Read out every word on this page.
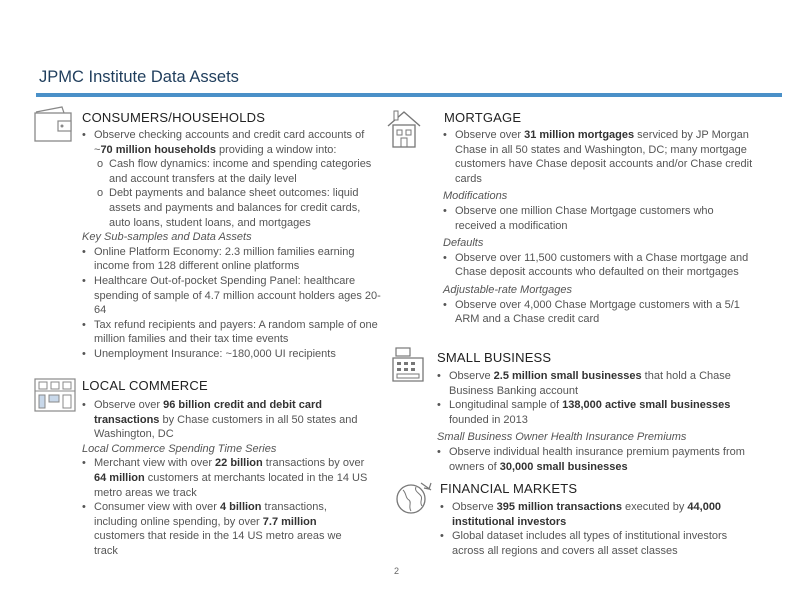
JPMC Institute Data Assets
CONSUMERS/HOUSEHOLDS

• Observe checking accounts and credit card accounts of ~70 million households providing a window into:

o Cash flow dynamics: income and spending categories and account transfers at the daily level

o Debt payments and balance sheet outcomes: liquid assets and payments and balances for credit cards, auto loans, student loans, and mortgages

Key Sub-samples and Data Assets

• Online Platform Economy: 2.3 million families earning income from 128 different online platforms

• Healthcare Out-of-pocket Spending Panel: healthcare spending of sample of 4.7 million account holders ages 20-64

• Tax refund recipients and payers: A random sample of one million families and their tax time events

• Unemployment Insurance: ~180,000 UI recipients

LOCAL COMMERCE

• Observe over 96 billion credit and debit card transactions by Chase customers in all 50 states and Washington, DC

Local Commerce Spending Time Series

• Merchant view with over 22 billion transactions by over 64 million customers at merchants located in the 14 US metro areas we track

• Consumer view with over 4 billion transactions, including online spending, by over 7.7 million customers that reside in the 14 US metro areas we track

MORTGAGE

• Observe over 31 million mortgages serviced by JP Morgan Chase in all 50 states and Washington, DC; many mortgage customers have Chase deposit accounts and/or Chase credit cards

Modifications

• Observe one million Chase Mortgage customers who received a modification

Defaults

• Observe over 11,500 customers with a Chase mortgage and Chase deposit accounts who defaulted on their mortgages

Adjustable-rate Mortgages

• Observe over 4,000 Chase Mortgage customers with a 5/1 ARM and a Chase credit card

SMALL BUSINESS

• Observe 2.5 million small businesses that hold a Chase Business Banking account

• Longitudinal sample of 138,000 active small businesses founded in 2013

Small Business Owner Health Insurance Premiums

• Observe individual health insurance premium payments from owners of 30,000 small businesses

FINANCIAL MARKETS

• Observe 395 million transactions executed by 44,000 institutional investors

• Global dataset includes all types of institutional investors across all regions and covers all asset classes

2
